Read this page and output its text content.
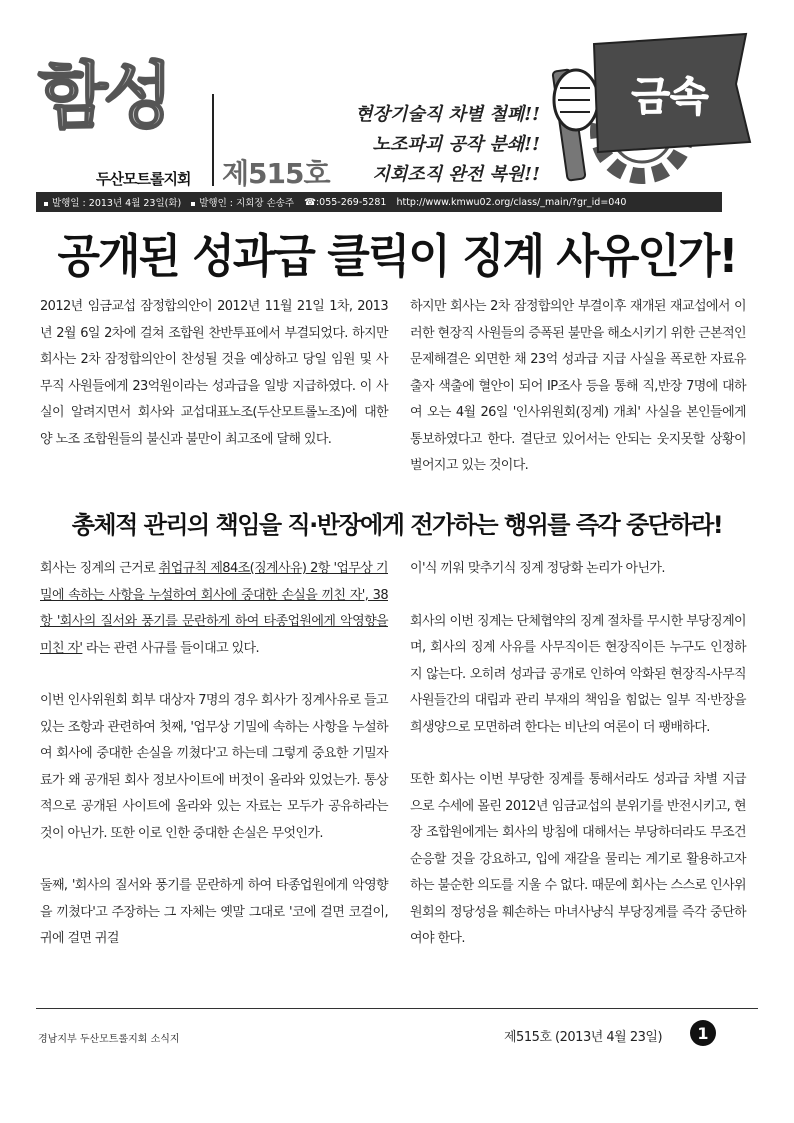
함성
두산모트롤지회 제515호
현장기술직 차별 철폐!!
노조파괴 공작 분쇄!!
지회조직 완전 복원!!
금속
발행일 : 2013년 4월 23일(화)	발행인 : 지회장 손송주 ☎:055-269-5281 http://www.kmwu02.org/class/_main/?gr_id=040
공개된 성과급 클릭이 징계 사유인가!

2012년 임금교섭 잠정합의안이 2012년 11월 21일 1차, 2013년 2월 6일 2차에 걸쳐 조합원 찬반투표에서 부결되었다. 하지만 회사는 2차 잠정합의안이 찬성될 것을 예상하고 당일 임원 및 사무직 사원들에게 23억원이라는 성과급을 일방 지급하였다. 이 사실이 알려지면서 회사와 교섭대표노조(두산모트롤노조)에 대한 양 노조 조합원들의 불신과 불만이 최고조에 달해 있다.

하지만 회사는 2차 잠정합의안 부결이후 재개된 재교섭에서 이러한 현장직 사원들의 증폭된 불만을 해소시키기 위한 근본적인 문제해결은 외면한 채 23억 성과급 지급 사실을 폭로한 자료유출자 색출에 혈안이 되어 IP조사 등을 통해 직,반장 7명에 대하여 오는 4월 26일 '인사위원회(징계) 개최' 사실을 본인들에게 통보하였다고 한다. 결단코 있어서는 안되는 웃지못할 상황이 벌어지고 있는 것이다.

총체적 관리의 책임을 직·반장에게 전가하는 행위를 즉각 중단하라!

회사는 징계의 근거로 취업규칙 제84조(징계사유) 2항 '업무상 기밀에 속하는 사항을 누설하여 회사에 중대한 손실을 끼친 자', 38항 '회사의 질서와 풍기를 문란하게 하여 타종업원에게 악영향을 미친 자' 라는 관련 사규를 들이대고 있다.

이번 인사위원회 회부 대상자 7명의 경우 회사가 징계사유로 들고 있는 조항과 관련하여 첫째, '업무상 기밀에 속하는 사항을 누설하여 회사에 중대한 손실을 끼쳤다'고 하는데 그렇게 중요한 기밀자료가 왜 공개된 회사 정보사이트에 버젓이 올라와 있었는가. 통상적으로 공개된 사이트에 올라와 있는 자료는 모두가 공유하라는 것이 아닌가. 또한 이로 인한 중대한 손실은 무엇인가.

둘째, '회사의 질서와 풍기를 문란하게 하여 타종업원에게 악영향을 끼쳤다'고 주장하는 그 자체는 옛말 그대로 '코에 걸면 코걸이, 귀에 걸면 귀걸

이'식 끼워 맞추기식 징계 정당화 논리가 아닌가.

회사의 이번 징계는 단체협약의 징계 절차를 무시한 부당징계이며, 회사의 징계 사유를 사무직이든 현장직이든 누구도 인정하지 않는다. 오히려 성과급 공개로 인하여 악화된 현장직-사무직 사원들간의 대립과 관리 부재의 책임을 힘없는 일부 직·반장을 희생양으로 모면하려 한다는 비난의 여론이 더 팽배하다.

또한 회사는 이번 부당한 징계를 통해서라도 성과급 차별 지급으로 수세에 몰린 2012년 임금교섭의 분위기를 반전시키고, 현장 조합원에게는 회사의 방침에 대해서는 부당하더라도 무조건 순응할 것을 강요하고, 입에 재갈을 물리는 계기로 활용하고자 하는 불순한 의도를 지울 수 없다. 때문에 회사는 스스로 인사위원회의 정당성을 훼손하는 마녀사냥식 부당징계를 즉각 중단하여야 한다.

경남지부 두산모트롤지회 소식지	제515호 (2013년 4월 23일)	1
